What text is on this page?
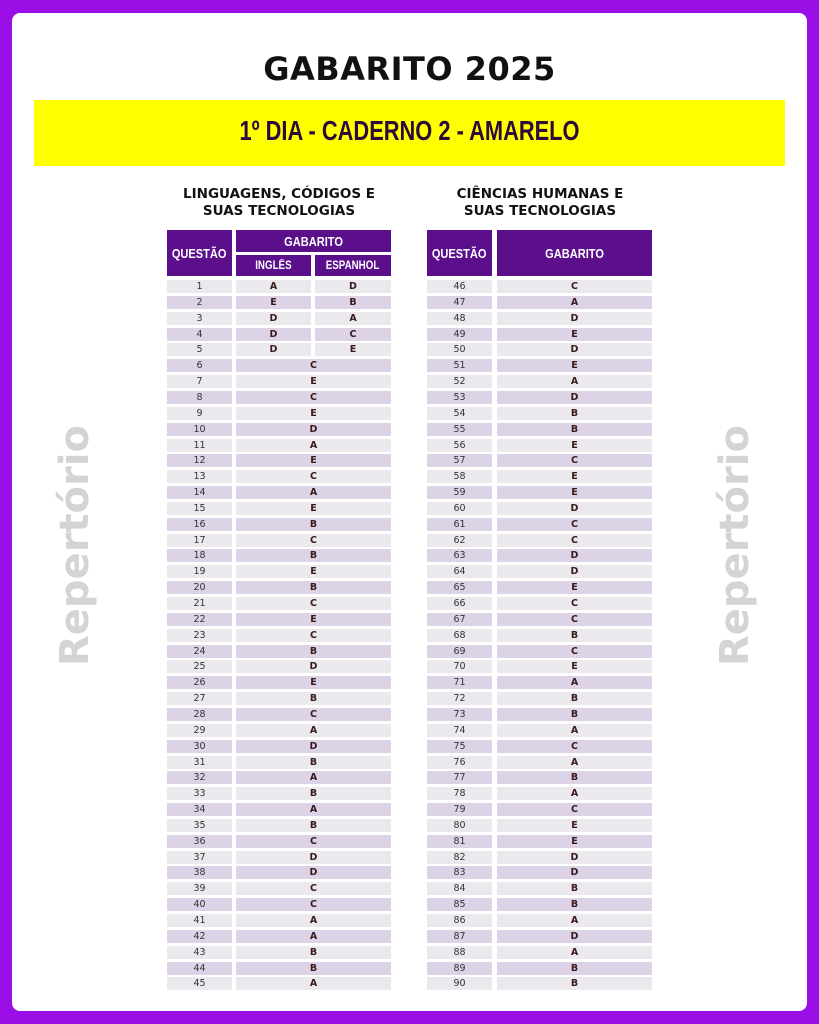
GABARITO 2025
1º DIA - CADERNO 2 - AMARELO
Repertório	Repertório
LINGUAGENS, CÓDIGOS E
SUAS TECNOLOGIAS
CIÊNCIAS HUMANAS E
SUAS TECNOLOGIAS
QUESTÃO
GABARITO
INGLÊS	ESPANHOL
QUESTÃO	GABARITO
1	A	D
2	E	B
3	D	A
4	D	C
5	D	E
6	C
7	E
8	C
9	E
10	D
11	A
12	E
13	C
14	A
15	E
16	B
17	C
18	B
19	E
20	B
21	C
22	E
23	C
24	B
25	D
26	E
27	B
28	C
29	A
30	D
31	B
32	A
33	B
34	A
35	B
36	C
37	D
38	D
39	C
40	C
41	A
42	A
43	B
44	B
45	A
46	C
47	A
48	D
49	E
50	D
51	E
52	A
53	D
54	B
55	B
56	E
57	C
58	E
59	E
60	D
61	C
62	C
63	D
64	D
65	E
66	C
67	C
68	B
69	C
70	E
71	A
72	B
73	B
74	A
75	C
76	A
77	B
78	A
79	C
80	E
81	E
82	D
83	D
84	B
85	B
86	A
87	D
88	A
89	B
90	B
